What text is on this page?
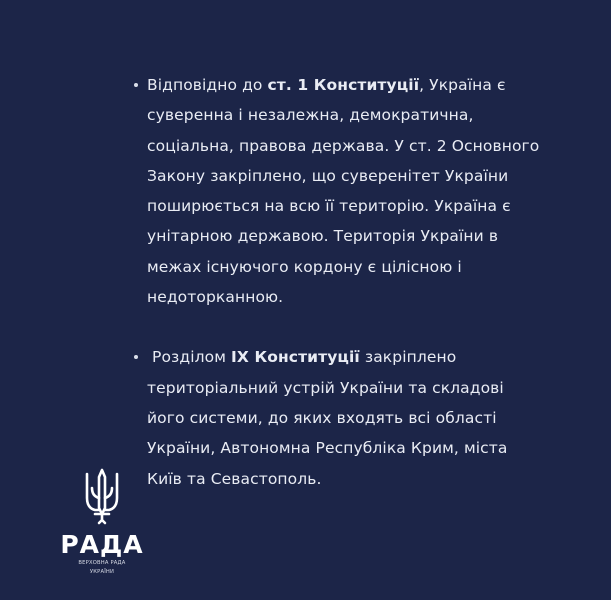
Відповідно до ст. 1 Конституції, Україна є
суверенна і незалежна, демократична,
соціальна, правова держава. У ст. 2 Основного
Закону закріплено, що суверенітет України
поширюється на всю її територію. Україна є
унітарною державою. Територія України в
межах існуючого кордону є цілісною і
недоторканною.
Розділом IX Конституції закріплено
територіальний устрій України та складові
його системи, до яких входять всі області
України, Автономна Республіка Крим, міста
Київ та Севастополь.
РАДА
ВЕРХОВНА РАДА
УКРАЇНИ
